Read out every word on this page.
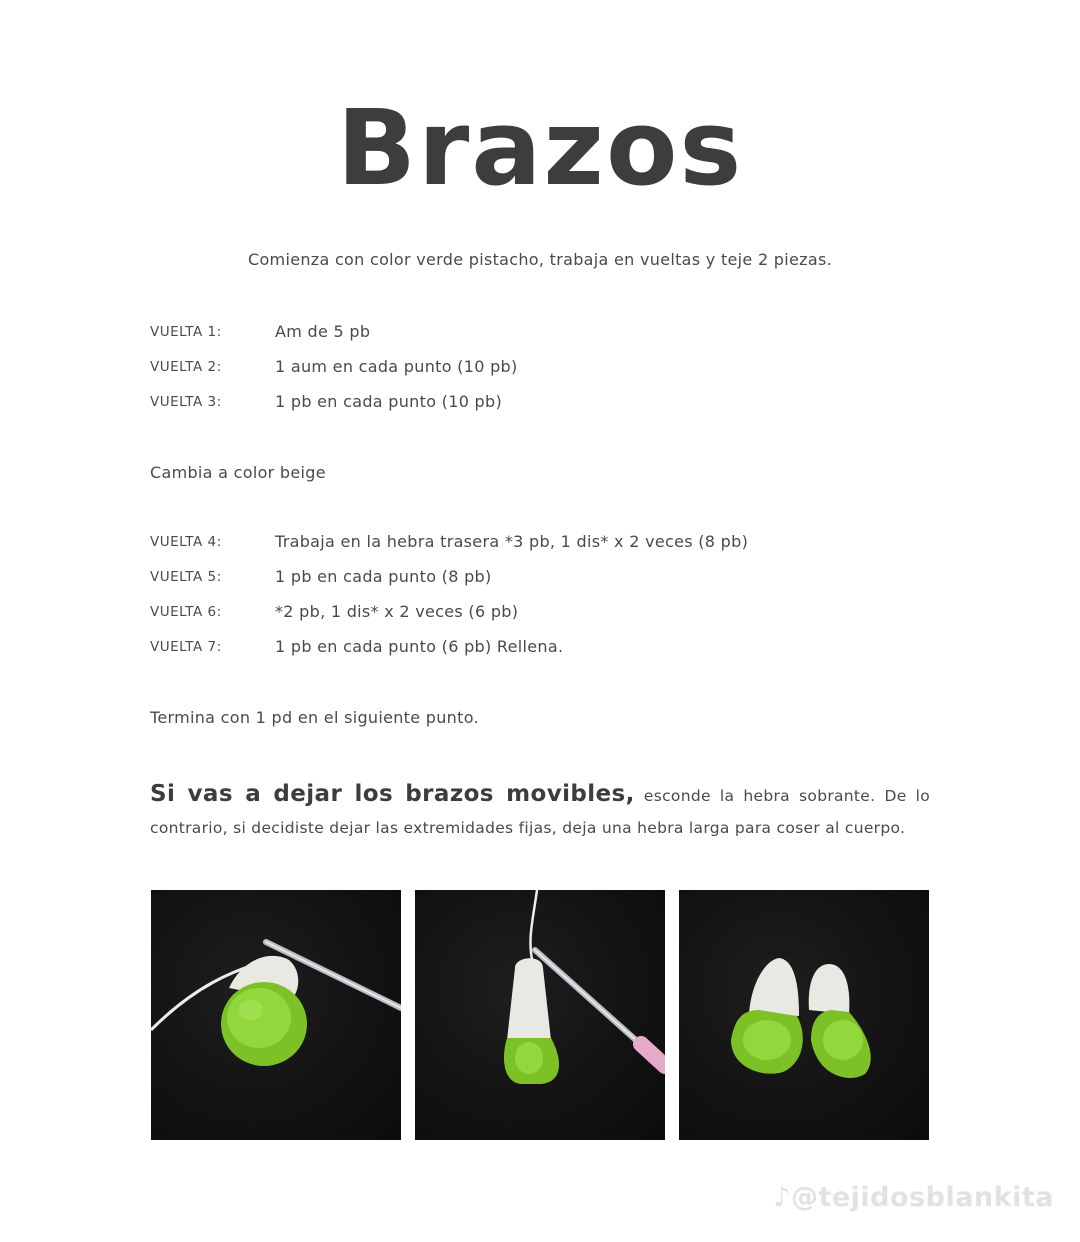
Brazos
Comienza con color verde pistacho, trabaja en vueltas y teje 2 piezas.
VUELTA 1:	Am de 5 pb
VUELTA 2:	1 aum en cada punto (10 pb)
VUELTA 3:	1 pb en cada punto (10 pb)
Cambia a color beige
VUELTA 4:	Trabaja en la hebra trasera *3 pb, 1 dis* x 2 veces (8 pb)
VUELTA 5:	1 pb en cada punto (8 pb)
VUELTA 6:	*2 pb, 1 dis* x 2 veces (6 pb)
VUELTA 7:	1 pb en cada punto (6 pb) Rellena.
Termina con 1 pd en el siguiente punto.
Si vas a dejar los brazos movibles, esconde la hebra sobrante. De lo contrario, si decidiste dejar las extremidades fijas, deja una hebra larga para coser al cuerpo.
♪@tejidosblankita
